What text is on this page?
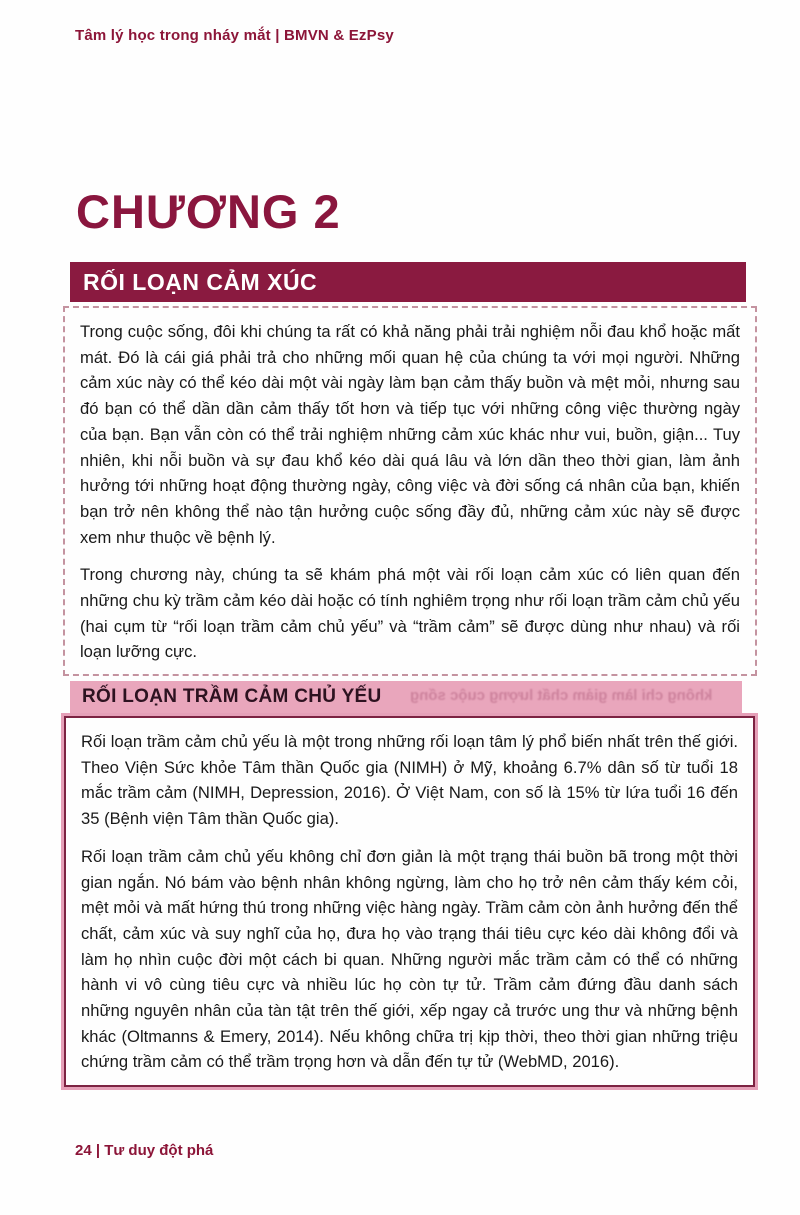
Tâm lý học trong nháy mắt | BMVN & EzPsy
CHƯƠNG 2
RỐI LOẠN CẢM XÚC

Trong cuộc sống, đôi khi chúng ta rất có khả năng phải trải nghiệm nỗi đau khổ hoặc mất mát. Đó là cái giá phải trả cho những mối quan hệ của chúng ta với mọi người. Những cảm xúc này có thể kéo dài một vài ngày làm bạn cảm thấy buồn và mệt mỏi, nhưng sau đó bạn có thể dần dần cảm thấy tốt hơn và tiếp tục với những công việc thường ngày của bạn. Bạn vẫn còn có thể trải nghiệm những cảm xúc khác như vui, buồn, giận... Tuy nhiên, khi nỗi buồn và sự đau khổ kéo dài quá lâu và lớn dần theo thời gian, làm ảnh hưởng tới những hoạt động thường ngày, công việc và đời sống cá nhân của bạn, khiến bạn trở nên không thể nào tận hưởng cuộc sống đầy đủ, những cảm xúc này sẽ được xem như thuộc về bệnh lý.

Trong chương này, chúng ta sẽ khám phá một vài rối loạn cảm xúc có liên quan đến những chu kỳ trầm cảm kéo dài hoặc có tính nghiêm trọng như rối loạn trầm cảm chủ yếu (hai cụm từ “rối loạn trầm cảm chủ yếu” và “trầm cảm” sẽ được dùng như nhau) và rối loạn lưỡng cực.

RỐI LOẠN TRẦM CẢM CHỦ YẾU không chỉ làm giảm chất lượng cuộc sống

Rối loạn trầm cảm chủ yếu là một trong những rối loạn tâm lý phổ biến nhất trên thế giới. Theo Viện Sức khỏe Tâm thần Quốc gia (NIMH) ở Mỹ, khoảng 6.7% dân số từ tuổi 18 mắc trầm cảm (NIMH, Depression, 2016). Ở Việt Nam, con số là 15% từ lứa tuổi 16 đến 35 (Bệnh viện Tâm thần Quốc gia).

Rối loạn trầm cảm chủ yếu không chỉ đơn giản là một trạng thái buồn bã trong một thời gian ngắn. Nó bám vào bệnh nhân không ngừng, làm cho họ trở nên cảm thấy kém cỏi, mệt mỏi và mất hứng thú trong những việc hàng ngày. Trầm cảm còn ảnh hưởng đến thể chất, cảm xúc và suy nghĩ của họ, đưa họ vào trạng thái tiêu cực kéo dài không đổi và làm họ nhìn cuộc đời một cách bi quan. Những người mắc trầm cảm có thể có những hành vi vô cùng tiêu cực và nhiều lúc họ còn tự tử. Trầm cảm đứng đầu danh sách những nguyên nhân của tàn tật trên thế giới, xếp ngay cả trước ung thư và những bệnh khác (Oltmanns & Emery, 2014). Nếu không chữa trị kịp thời, theo thời gian những triệu chứng trầm cảm có thể trầm trọng hơn và dẫn đến tự tử (WebMD, 2016).

24 | Tư duy đột phá
